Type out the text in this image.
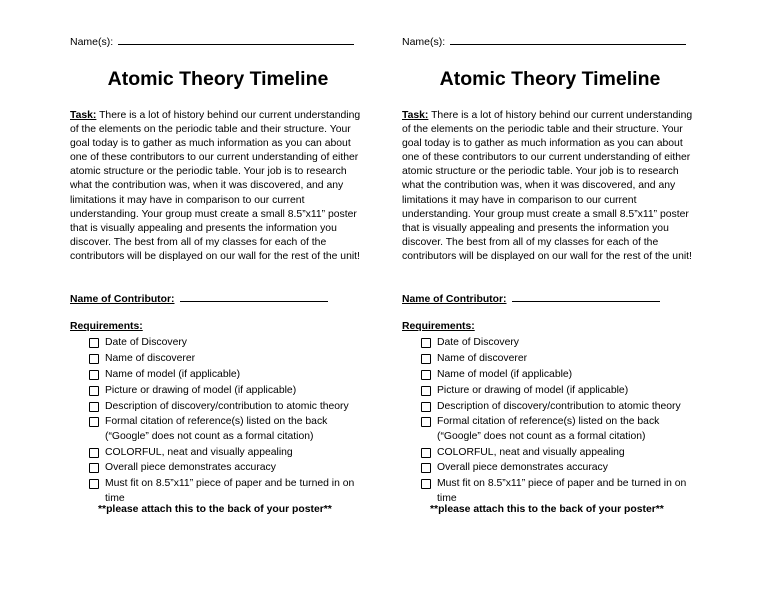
Name(s):
Atomic Theory Timeline
Task: There is a lot of history behind our current understanding of the elements on the periodic table and their structure. Your goal today is to gather as much information as you can about one of these contributors to our current understanding of either atomic structure or the periodic table. Your job is to research what the contribution was, when it was discovered, and any limitations it may have in comparison to our current understanding. Your group must create a small 8.5”x11” poster that is visually appealing and presents the information you discover. The best from all of my classes for each of the contributors will be displayed on our wall for the rest of the unit!
Name of Contributor:
Requirements:
Date of Discovery
Name of discoverer
Name of model (if applicable)
Picture or drawing of model (if applicable)
Description of discovery/contribution to atomic theory
Formal citation of reference(s) listed on the back (“Google” does not count as a formal citation)
COLORFUL, neat and visually appealing
Overall piece demonstrates accuracy
Must fit on 8.5”x11” piece of paper and be turned in on time
**please attach this to the back of your poster**
Name(s):
Atomic Theory Timeline
Task: There is a lot of history behind our current understanding of the elements on the periodic table and their structure. Your goal today is to gather as much information as you can about one of these contributors to our current understanding of either atomic structure or the periodic table. Your job is to research what the contribution was, when it was discovered, and any limitations it may have in comparison to our current understanding. Your group must create a small 8.5”x11” poster that is visually appealing and presents the information you discover. The best from all of my classes for each of the contributors will be displayed on our wall for the rest of the unit!
Name of Contributor:
Requirements:
Date of Discovery
Name of discoverer
Name of model (if applicable)
Picture or drawing of model (if applicable)
Description of discovery/contribution to atomic theory
Formal citation of reference(s) listed on the back (“Google” does not count as a formal citation)
COLORFUL, neat and visually appealing
Overall piece demonstrates accuracy
Must fit on 8.5”x11” piece of paper and be turned in on time
**please attach this to the back of your poster**
